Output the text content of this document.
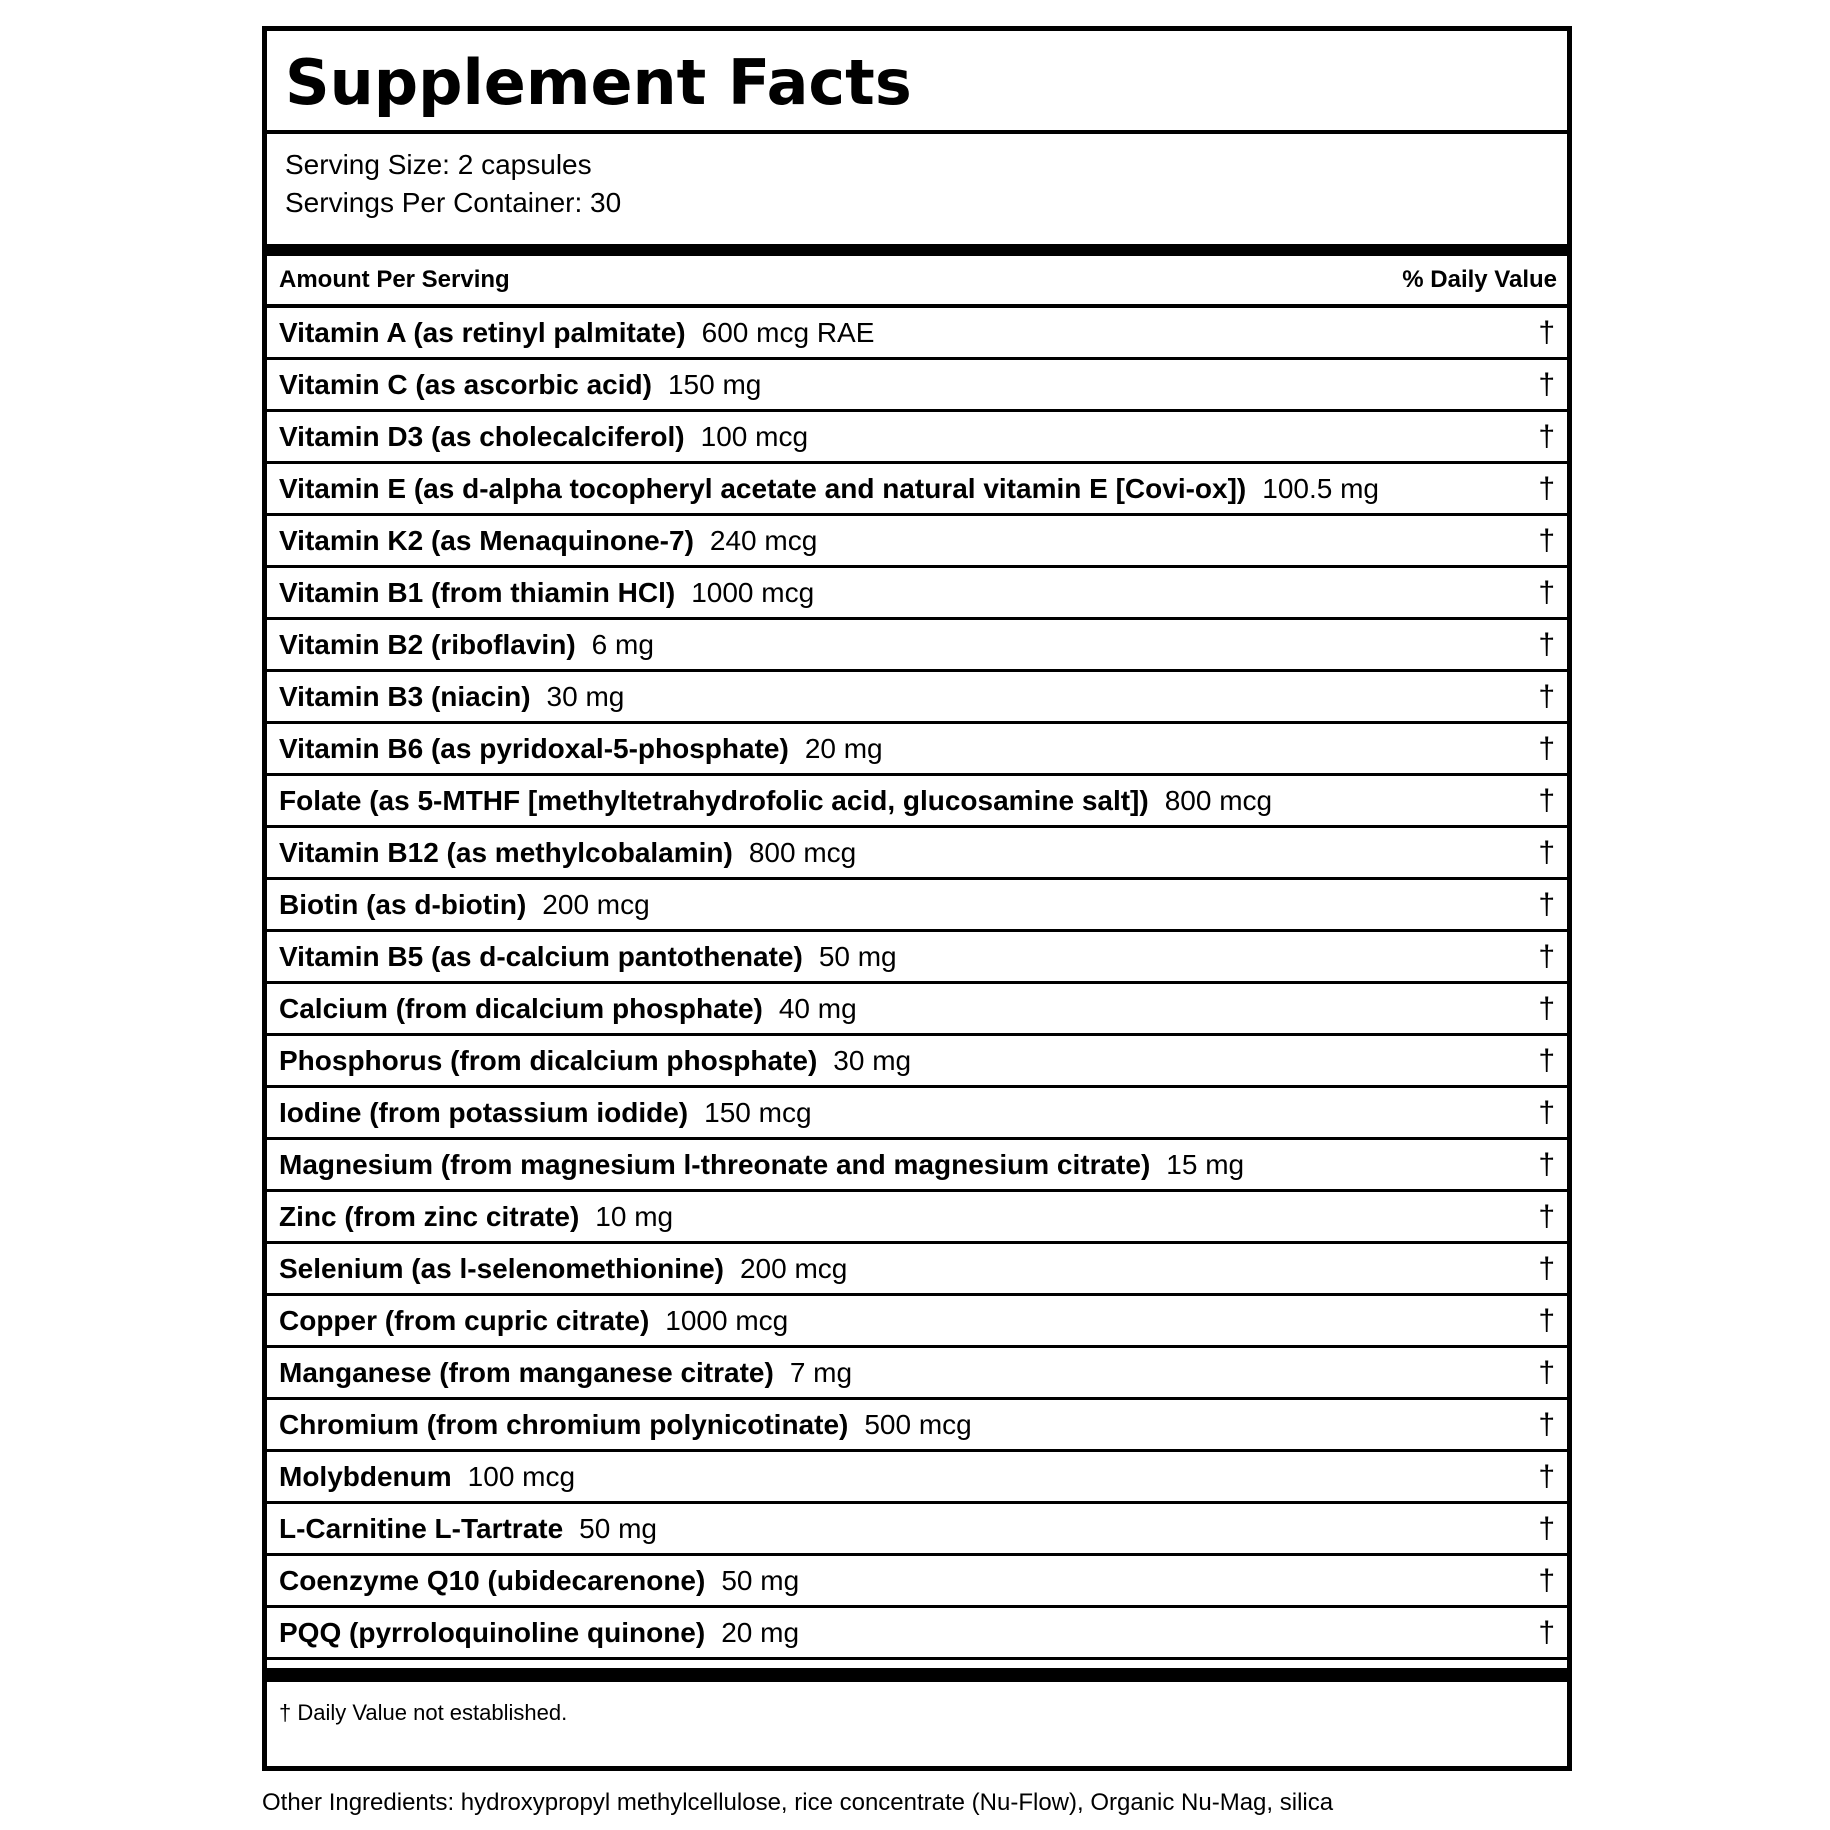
Supplement Facts
Serving Size: 2 capsules
Servings Per Container: 30
Amount Per Serving	% Daily Value
Vitamin A (as retinyl palmitate) 600 mcg RAE	†
Vitamin C (as ascorbic acid) 150 mg	†
Vitamin D3 (as cholecalciferol) 100 mcg	†
Vitamin E (as d-alpha tocopheryl acetate and natural vitamin E [Covi-ox]) 100.5 mg	†
Vitamin K2 (as Menaquinone-7) 240 mcg	†
Vitamin B1 (from thiamin HCl) 1000 mcg	†
Vitamin B2 (riboflavin) 6 mg	†
Vitamin B3 (niacin) 30 mg	†
Vitamin B6 (as pyridoxal-5-phosphate) 20 mg	†
Folate (as 5-MTHF [methyltetrahydrofolic acid, glucosamine salt]) 800 mcg	†
Vitamin B12 (as methylcobalamin) 800 mcg	†
Biotin (as d-biotin) 200 mcg	†
Vitamin B5 (as d-calcium pantothenate) 50 mg	†
Calcium (from dicalcium phosphate) 40 mg	†
Phosphorus (from dicalcium phosphate) 30 mg	†
Iodine (from potassium iodide) 150 mcg	†
Magnesium (from magnesium l-threonate and magnesium citrate) 15 mg	†
Zinc (from zinc citrate) 10 mg	†
Selenium (as l-selenomethionine) 200 mcg	†
Copper (from cupric citrate) 1000 mcg	†
Manganese (from manganese citrate) 7 mg	†
Chromium (from chromium polynicotinate) 500 mcg	†
Molybdenum 100 mcg	†
L-Carnitine L-Tartrate 50 mg	†
Coenzyme Q10 (ubidecarenone) 50 mg	†
PQQ (pyrroloquinoline quinone) 20 mg	†
† Daily Value not established.
Other Ingredients: hydroxypropyl methylcellulose, rice concentrate (Nu-Flow), Organic Nu-Mag, silica
